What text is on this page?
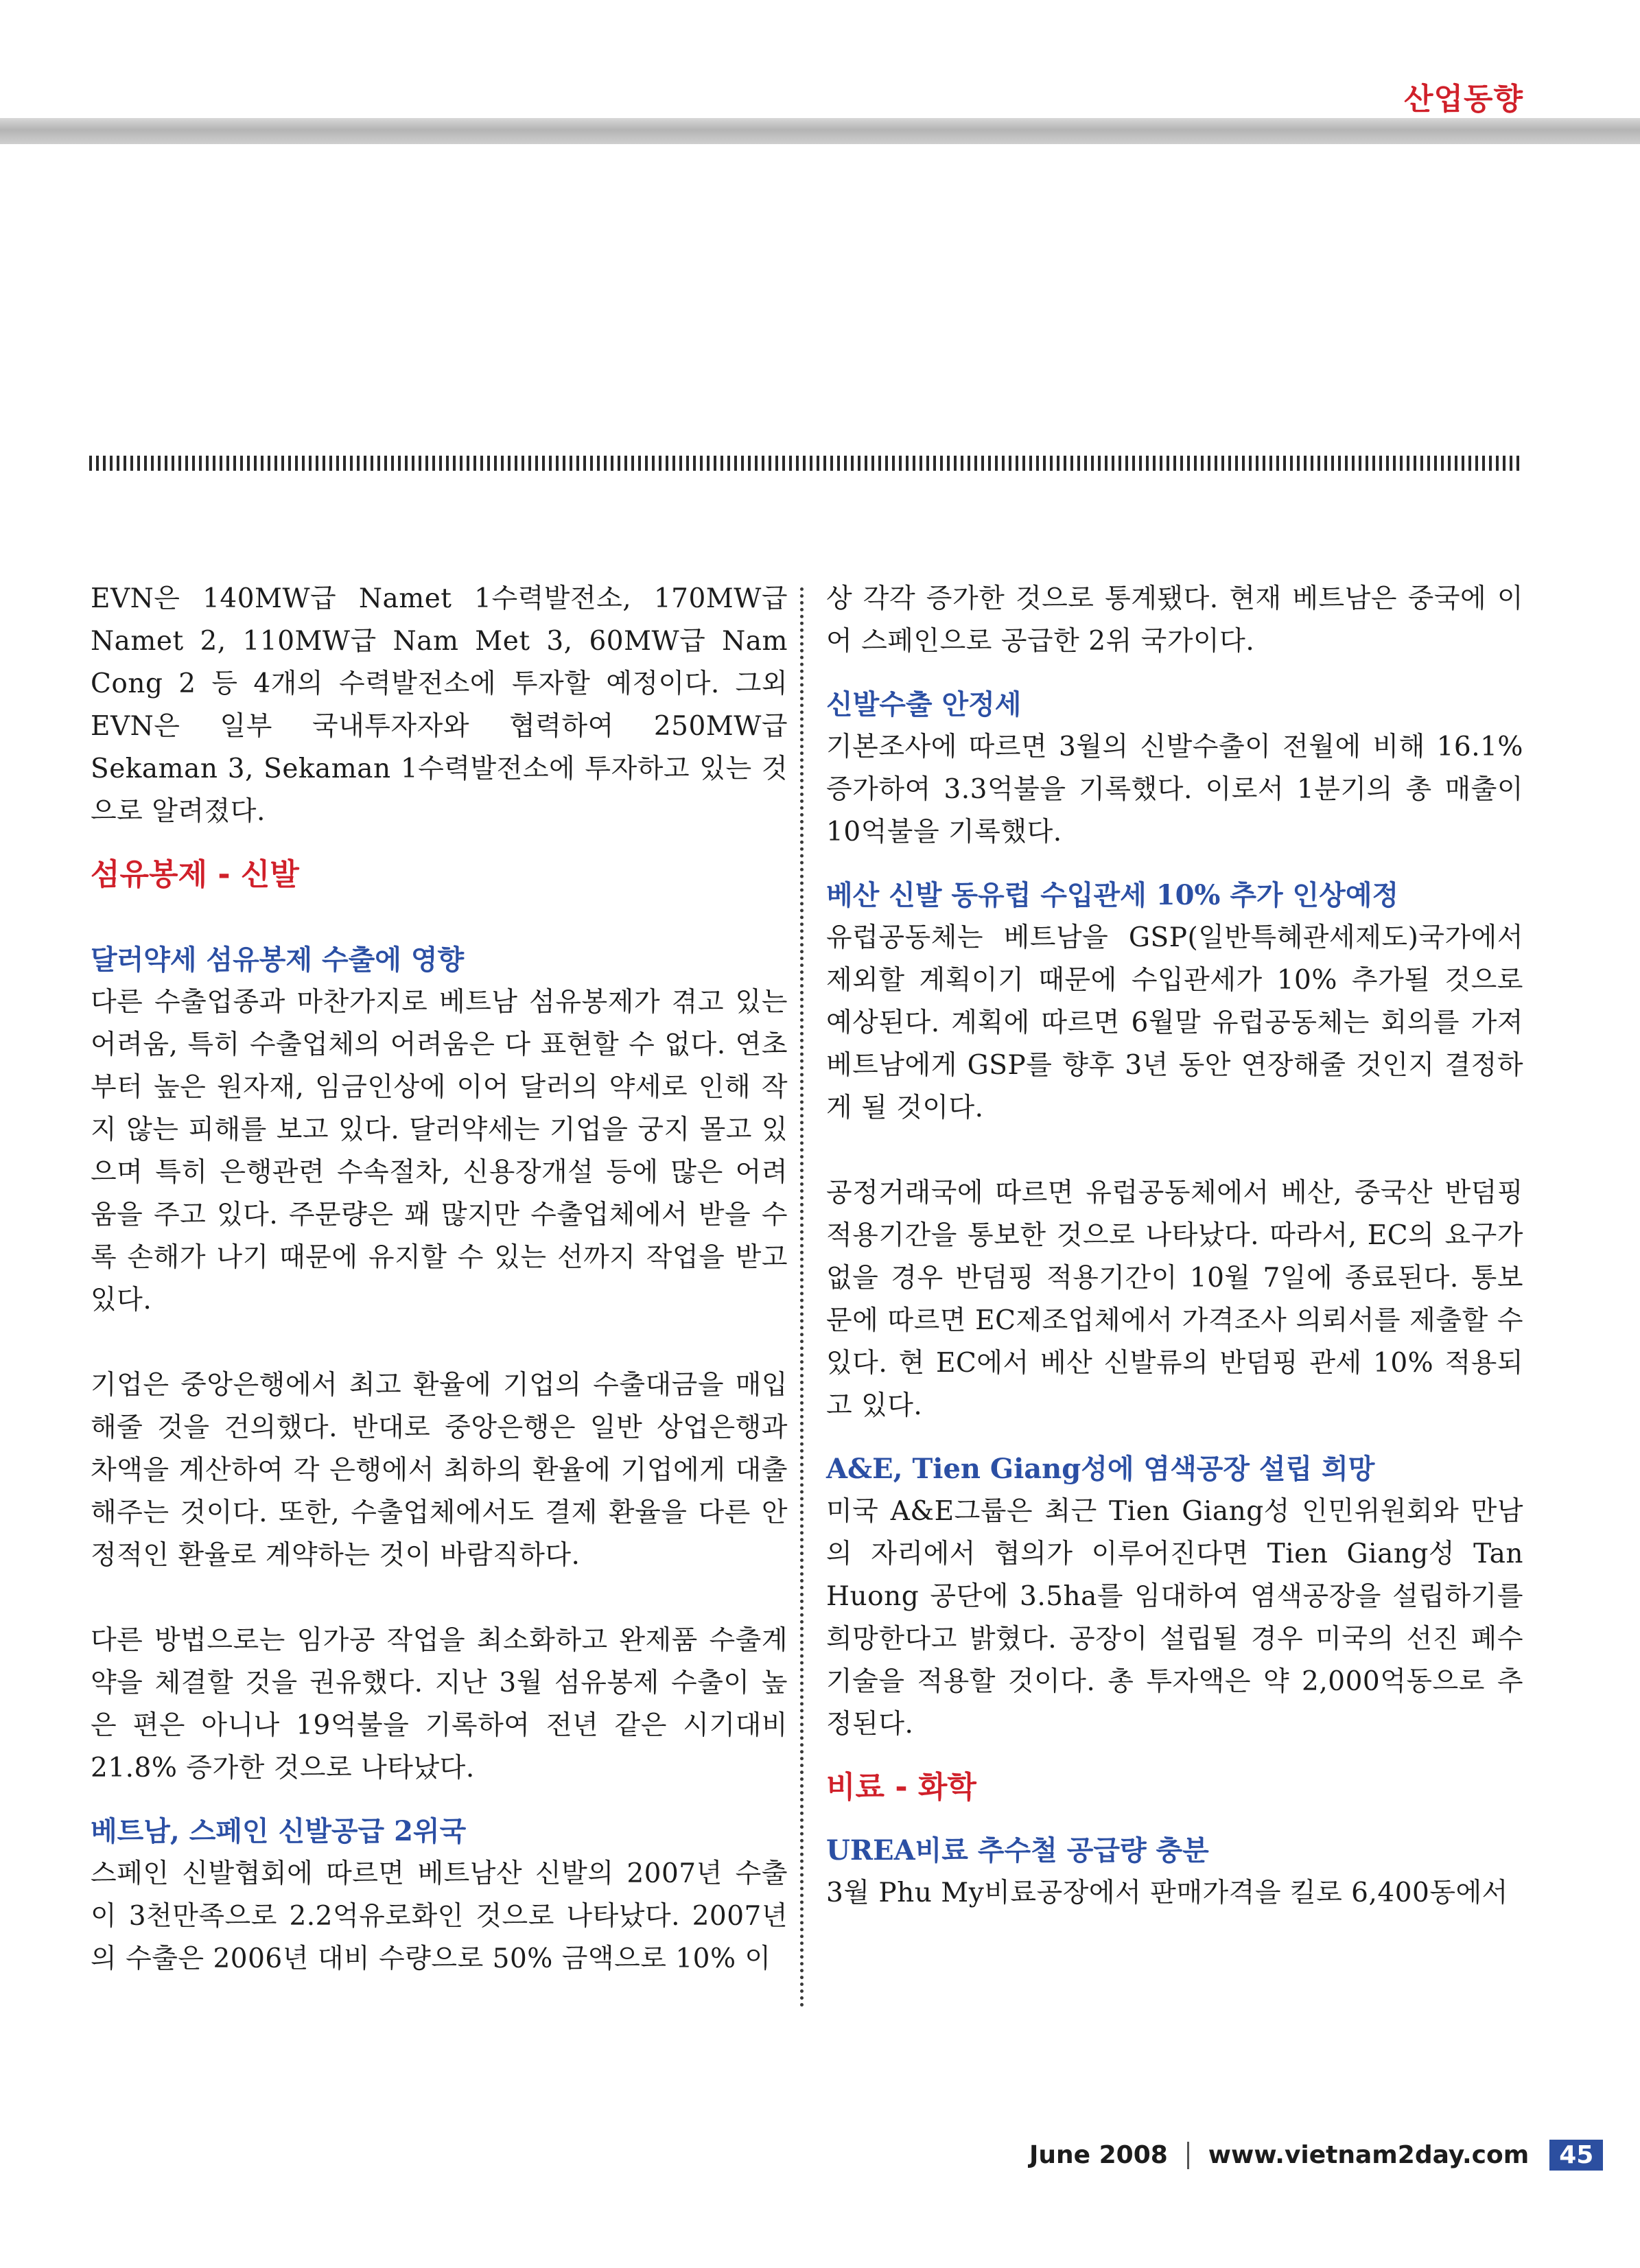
산업동향

EVN은 140MW급 Namet 1수력발전소, 170MW급 Namet 2, 110MW급 Nam Met 3, 60MW급 Nam Cong 2 등 4개의 수력발전소에 투자할 예정이다. 그외 EVN은 일부 국내투자자와 협력하여 250MW급 Sekaman 3, Sekaman 1수력발전소에 투자하고 있는 것으로 알려졌다.

섬유봉제 - 신발
달러약세 섬유봉제 수출에 영향

다른 수출업종과 마찬가지로 베트남 섬유봉제가 겪고 있는 어려움, 특히 수출업체의 어려움은 다 표현할 수 없다. 연초부터 높은 원자재, 임금인상에 이어 달러의 약세로 인해 작지 않는 피해를 보고 있다. 달러약세는 기업을 궁지 몰고 있으며 특히 은행관련 수속절차, 신용장개설 등에 많은 어려움을 주고 있다. 주문량은 꽤 많지만 수출업체에서 받을 수록 손해가 나기 때문에 유지할 수 있는 선까지 작업을 받고 있다.

기업은 중앙은행에서 최고 환율에 기업의 수출대금을 매입해줄 것을 건의했다. 반대로 중앙은행은 일반 상업은행과 차액을 계산하여 각 은행에서 최하의 환율에 기업에게 대출해주는 것이다. 또한, 수출업체에서도 결제 환율을 다른 안정적인 환율로 계약하는 것이 바람직하다.

다른 방법으로는 임가공 작업을 최소화하고 완제품 수출계약을 체결할 것을 권유했다. 지난 3월 섬유봉제 수출이 높은 편은 아니나 19억불을 기록하여 전년 같은 시기대비 21.8% 증가한 것으로 나타났다.

베트남, 스페인 신발공급 2위국

스페인 신발협회에 따르면 베트남산 신발의 2007년 수출이 3천만족으로 2.2억유로화인 것으로 나타났다. 2007년의 수출은 2006년 대비 수량으로 50% 금액으로 10% 이

상 각각 증가한 것으로 통계됐다. 현재 베트남은 중국에 이어 스페인으로 공급한 2위 국가이다.

신발수출 안정세

기본조사에 따르면 3월의 신발수출이 전월에 비해 16.1% 증가하여 3.3억불을 기록했다. 이로서 1분기의 총 매출이 10억불을 기록했다.

베산 신발 동유럽 수입관세 10% 추가 인상예정

유럽공동체는 베트남을 GSP(일반특혜관세제도)국가에서 제외할 계획이기 때문에 수입관세가 10% 추가될 것으로 예상된다. 계획에 따르면 6월말 유럽공동체는 회의를 가져 베트남에게 GSP를 향후 3년 동안 연장해줄 것인지 결정하게 될 것이다.

공정거래국에 따르면 유럽공동체에서 베산, 중국산 반덤핑 적용기간을 통보한 것으로 나타났다. 따라서, EC의 요구가 없을 경우 반덤핑 적용기간이 10월 7일에 종료된다. 통보문에 따르면 EC제조업체에서 가격조사 의뢰서를 제출할 수 있다. 현 EC에서 베산 신발류의 반덤핑 관세 10% 적용되고 있다.

A&E, Tien Giang성에 염색공장 설립 희망

미국 A&E그룹은 최근 Tien Giang성 인민위원회와 만남의 자리에서 협의가 이루어진다면 Tien Giang성 Tan Huong 공단에 3.5ha를 임대하여 염색공장을 설립하기를 희망한다고 밝혔다. 공장이 설립될 경우 미국의 선진 폐수기술을 적용할 것이다. 총 투자액은 약 2,000억동으로 추정된다.

비료 - 화학
UREA비료 추수철 공급량 충분

3월 Phu My비료공장에서 판매가격을 킬로 6,400동에서

June 2008 www.vietnam2day.com	45
